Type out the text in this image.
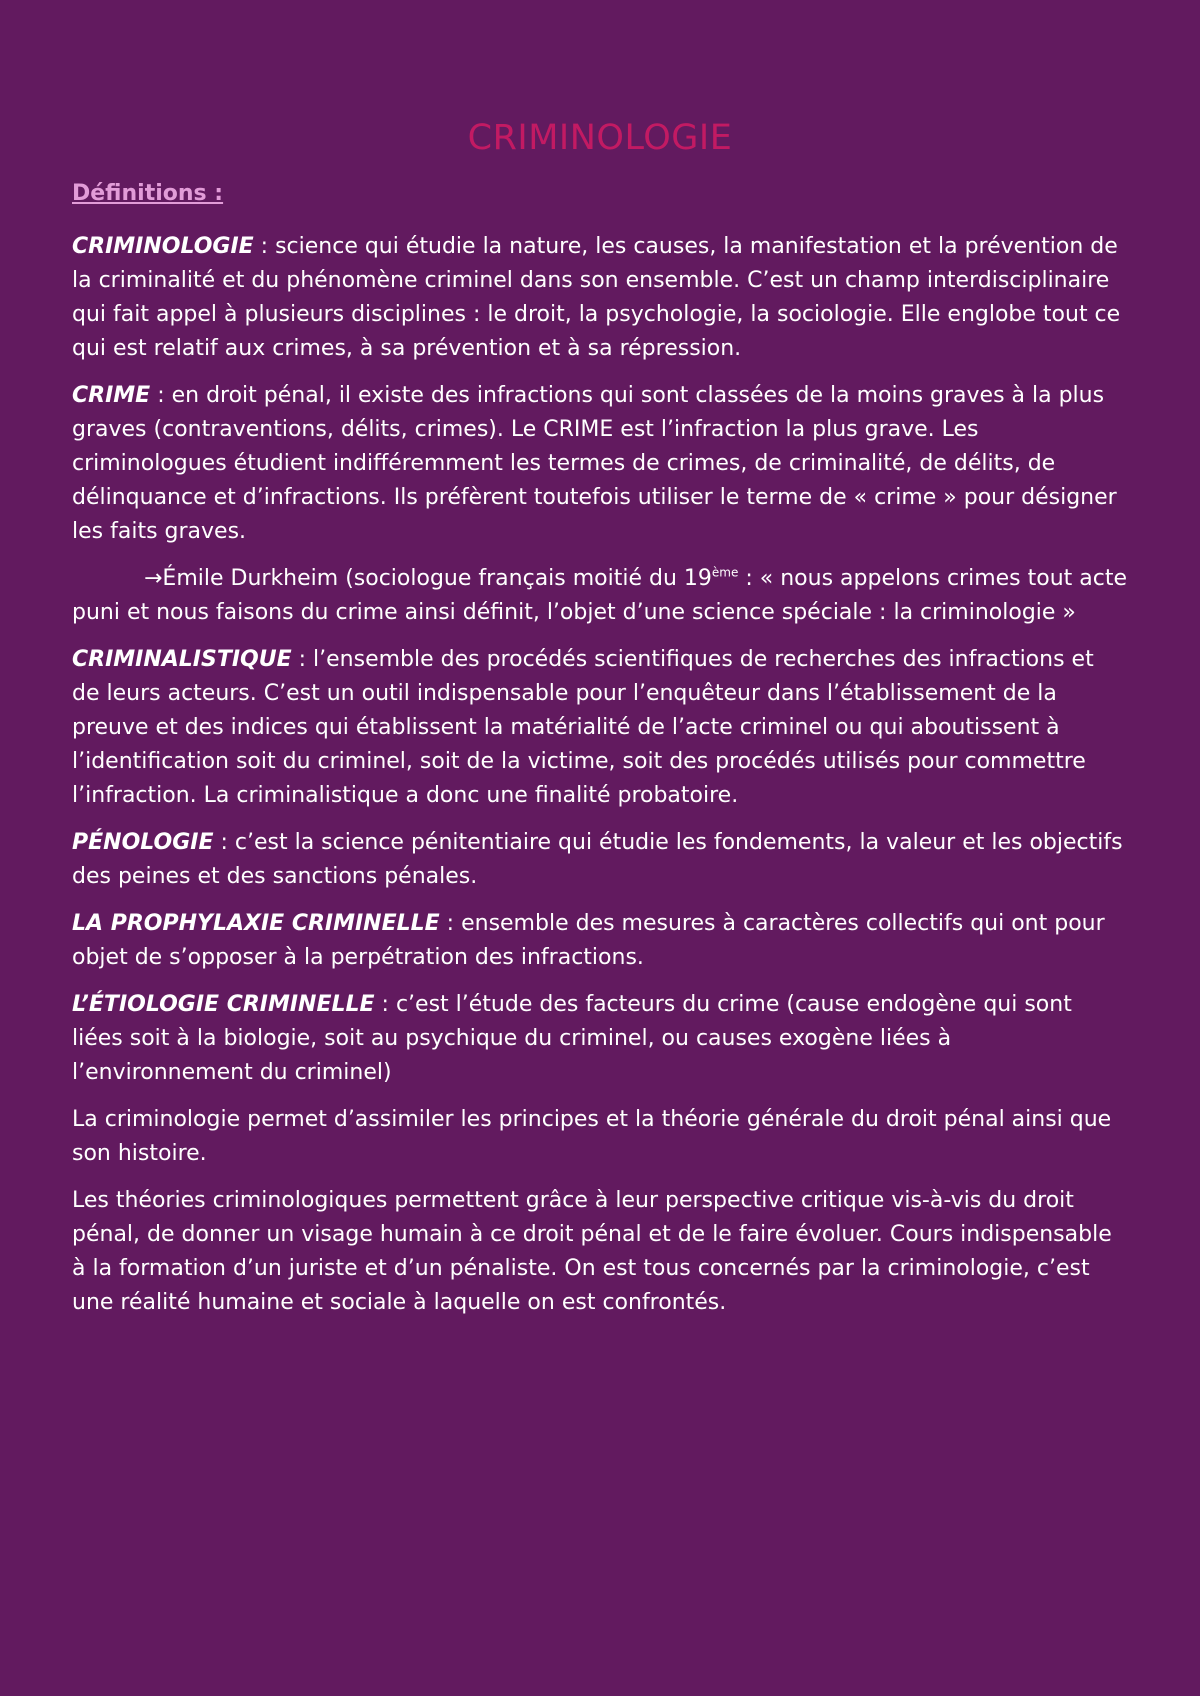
CRIMINOLOGIE
Définitions :

CRIMINOLOGIE : science qui étudie la nature, les causes, la manifestation et la prévention de la criminalité et du phénomène criminel dans son ensemble. C’est un champ interdisciplinaire qui fait appel à plusieurs disciplines : le droit, la psychologie, la sociologie. Elle englobe tout ce qui est relatif aux crimes, à sa prévention et à sa répression.

CRIME : en droit pénal, il existe des infractions qui sont classées de la moins graves à la plus graves (contraventions, délits, crimes). Le CRIME est l’infraction la plus grave. Les criminologues étudient indifféremment les termes de crimes, de criminalité, de délits, de délinquance et d’infractions. Ils préfèrent toutefois utiliser le terme de « crime » pour désigner les faits graves.

→Émile Durkheim (sociologue français moitié du 19ème : « nous appelons crimes tout acte puni et nous faisons du crime ainsi définit, l’objet d’une science spéciale : la criminologie »

CRIMINALISTIQUE : l’ensemble des procédés scientifiques de recherches des infractions et de leurs acteurs. C’est un outil indispensable pour l’enquêteur dans l’établissement de la preuve et des indices qui établissent la matérialité de l’acte criminel ou qui aboutissent à l’identification soit du criminel, soit de la victime, soit des procédés utilisés pour commettre l’infraction. La criminalistique a donc une finalité probatoire.

PÉNOLOGIE : c’est la science pénitentiaire qui étudie les fondements, la valeur et les objectifs des peines et des sanctions pénales.

LA PROPHYLAXIE CRIMINELLE : ensemble des mesures à caractères collectifs qui ont pour objet de s’opposer à la perpétration des infractions.

L’ÉTIOLOGIE CRIMINELLE : c’est l’étude des facteurs du crime (cause endogène qui sont liées soit à la biologie, soit au psychique du criminel, ou causes exogène liées à l’environnement du criminel)

La criminologie permet d’assimiler les principes et la théorie générale du droit pénal ainsi que son histoire.

Les théories criminologiques permettent grâce à leur perspective critique vis-à-vis du droit pénal, de donner un visage humain à ce droit pénal et de le faire évoluer. Cours indispensable à la formation d’un juriste et d’un pénaliste. On est tous concernés par la criminologie, c’est une réalité humaine et sociale à laquelle on est confrontés.
